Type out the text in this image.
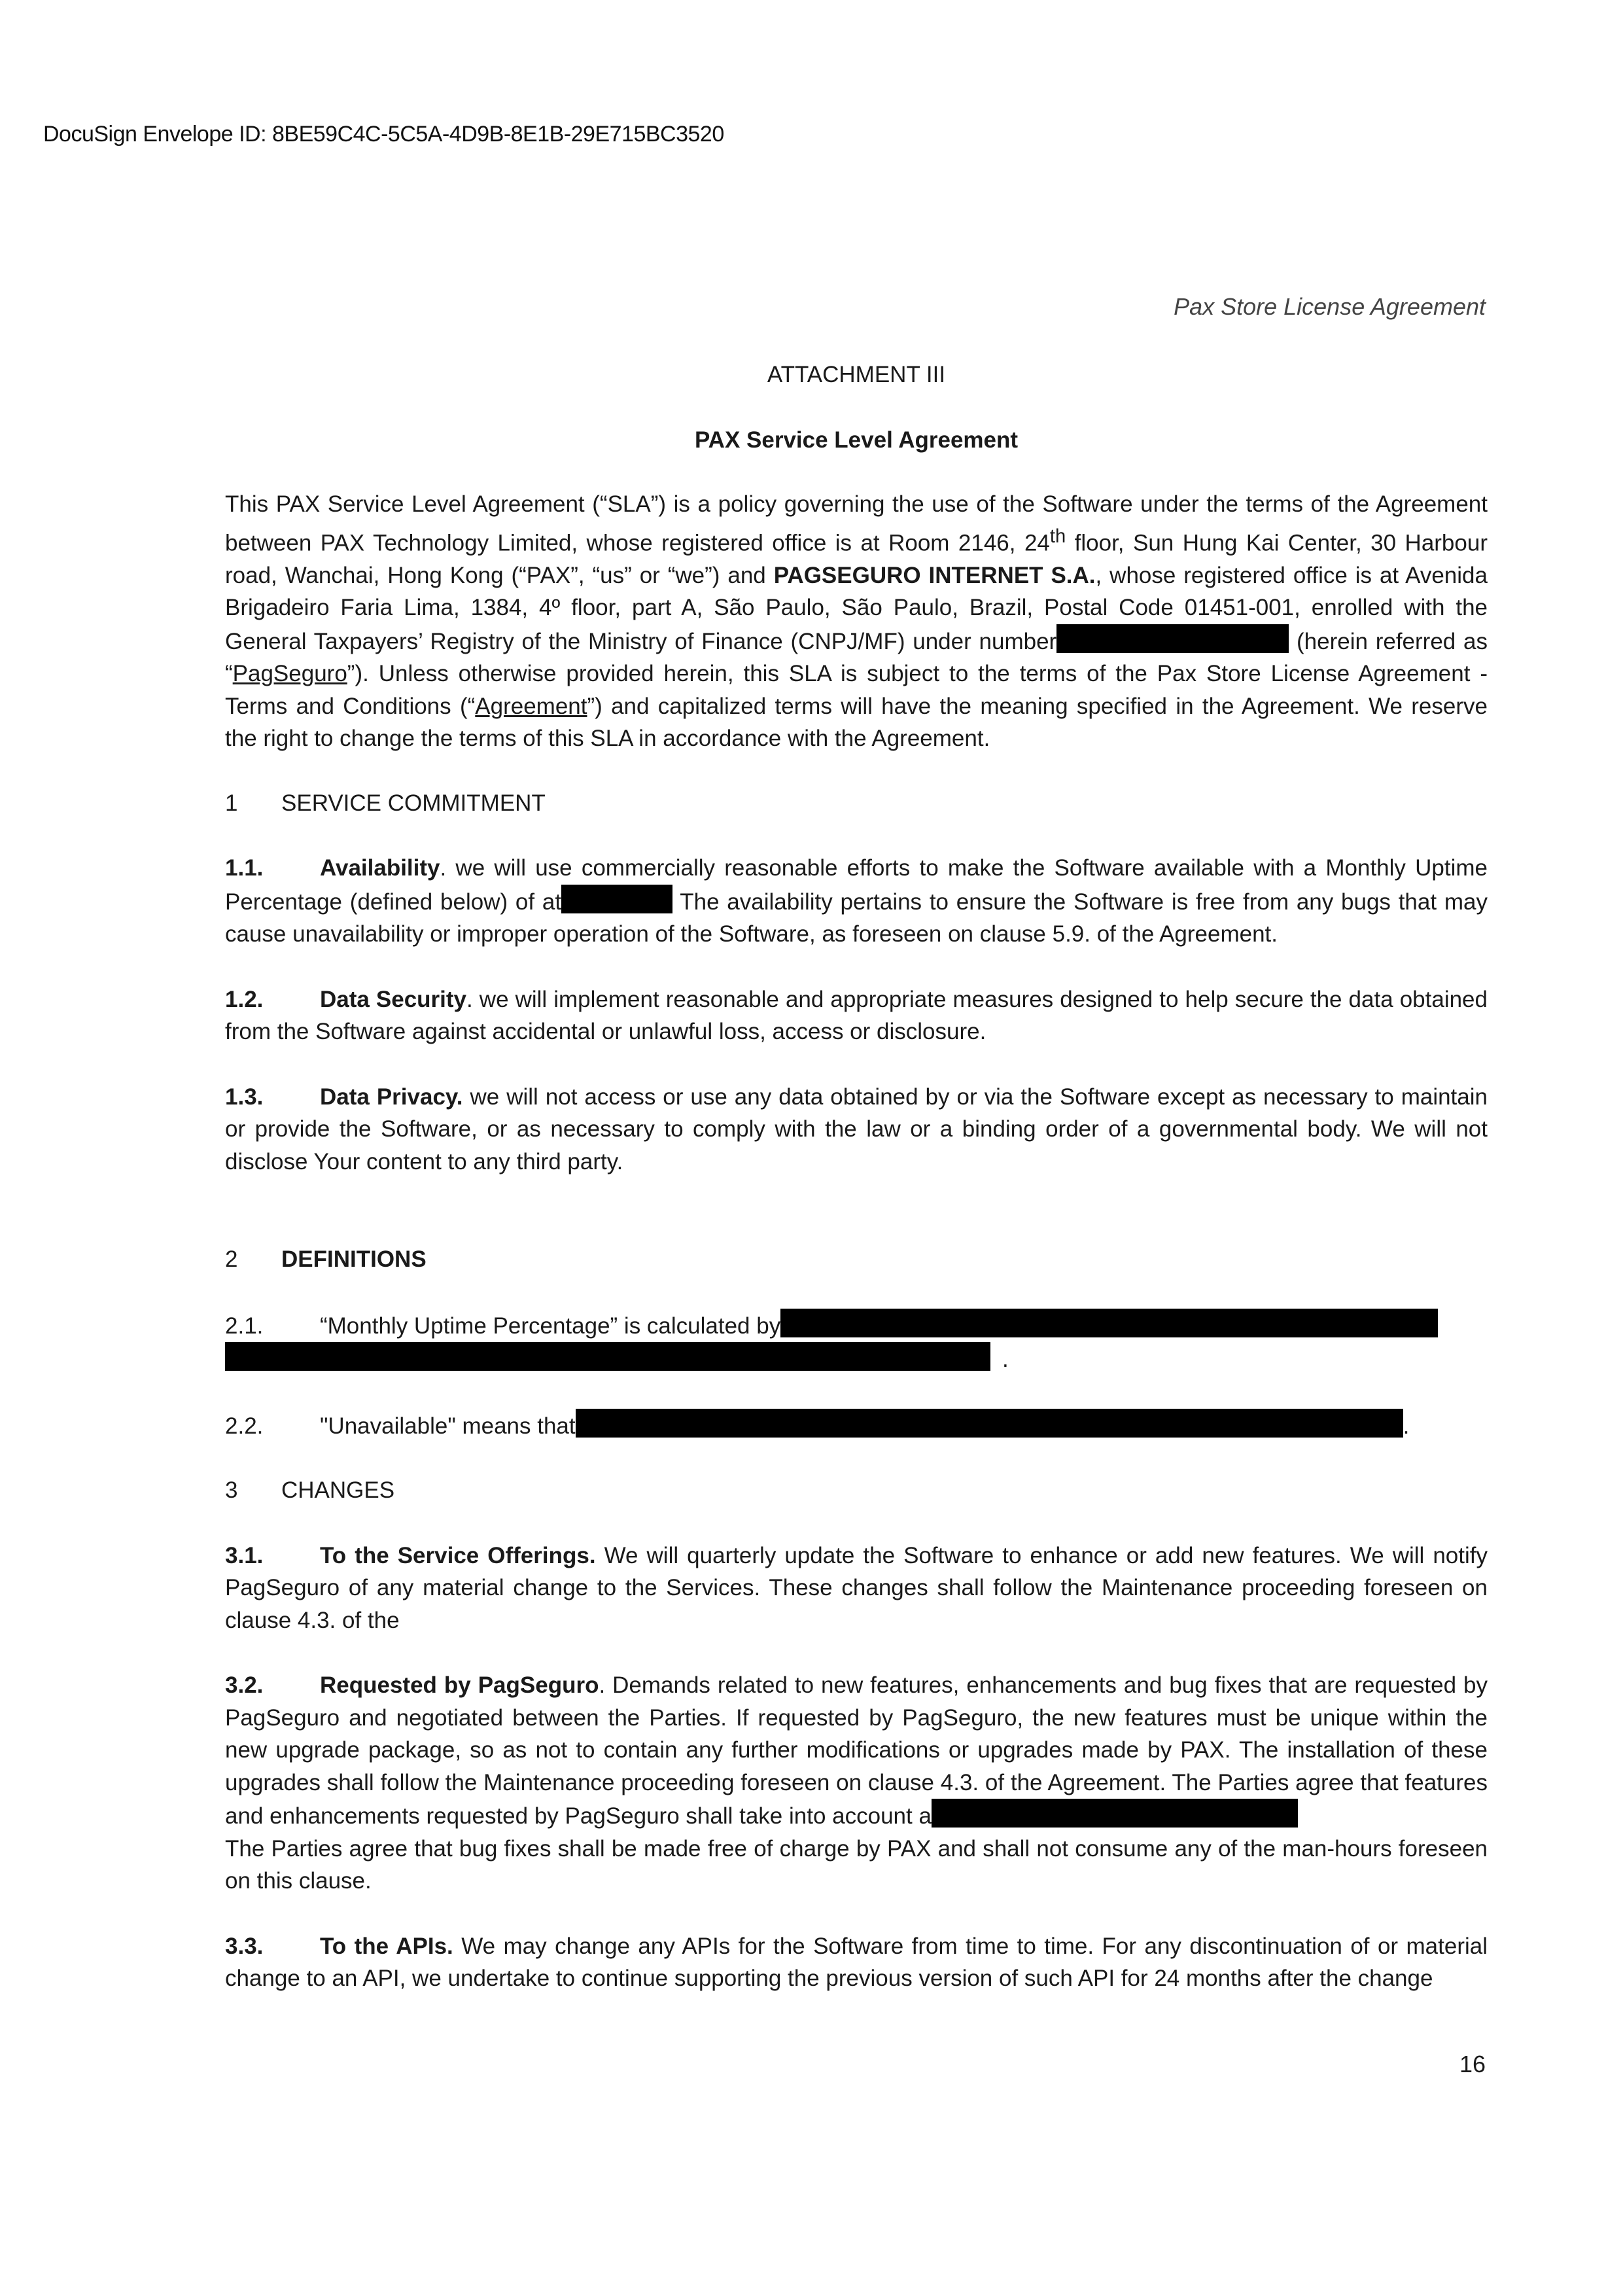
DocuSign Envelope ID: 8BE59C4C-5C5A-4D9B-8E1B-29E715BC3520
Pax Store License Agreement

ATTACHMENT III

PAX Service Level Agreement

This PAX Service Level Agreement (“SLA”) is a policy governing the use of the Software under the terms of the Agreement between PAX Technology Limited, whose registered office is at Room 2146, 24th floor, Sun Hung Kai Center, 30 Harbour road, Wanchai, Hong Kong (“PAX”, “us” or “we”) and PAGSEGURO INTERNET S.A., whose registered office is at Avenida Brigadeiro Faria Lima, 1384, 4º floor, part A, São Paulo, São Paulo, Brazil, Postal Code 01451-001, enrolled with the General Taxpayers’ Registry of the Ministry of Finance (CNPJ/MF) under number	(herein referred as “PagSeguro”). Unless otherwise provided herein, this SLA is subject to the terms of the Pax Store License Agreement - Terms and Conditions (“Agreement”) and capitalized terms will have the meaning specified in the Agreement. We reserve the right to change the terms of this SLA in accordance with the Agreement.

1	SERVICE COMMITMENT

1.1. Availability. we will use commercially reasonable efforts to make the Software available with a Monthly Uptime Percentage (defined below) of at	The availability pertains to ensure the Software is free from any bugs that may cause unavailability or improper operation of the Software, as foreseen on clause 5.9. of the Agreement.

1.2. Data Security. we will implement reasonable and appropriate measures designed to help secure the data obtained from the Software against accidental or unlawful loss, access or disclosure.

1.3. Data Privacy. we will not access or use any data obtained by or via the Software except as necessary to maintain or provide the Software, or as necessary to comply with the law or a binding order of a governmental body. We will not disclose Your content to any third party.

2	DEFINITIONS
2.1. “Monthly Uptime Percentage” is calculated by
.

2.2. "Unavailable" means that	.

3	CHANGES

3.1. To the Service Offerings. We will quarterly update the Software to enhance or add new features. We will notify PagSeguro of any material change to the Services. These changes shall follow the Maintenance proceeding foreseen on clause 4.3. of the

3.2. Requested by PagSeguro. Demands related to new features, enhancements and bug fixes that are requested by PagSeguro and negotiated between the Parties. If requested by PagSeguro, the new features must be unique within the new upgrade package, so as not to contain any further modifications or upgrades made by PAX. The installation of these upgrades shall follow the Maintenance proceeding foreseen on clause 4.3. of the Agreement. The Parties agree that features and enhancements requested by PagSeguro shall take into account a

The Parties agree that bug fixes shall be made free of charge by PAX and shall not consume any of the man-hours foreseen on this clause.

3.3. To the APIs. We may change any APIs for the Software from time to time. For any discontinuation of or material change to an API, we undertake to continue supporting the previous version of such API for 24 months after the change

16
